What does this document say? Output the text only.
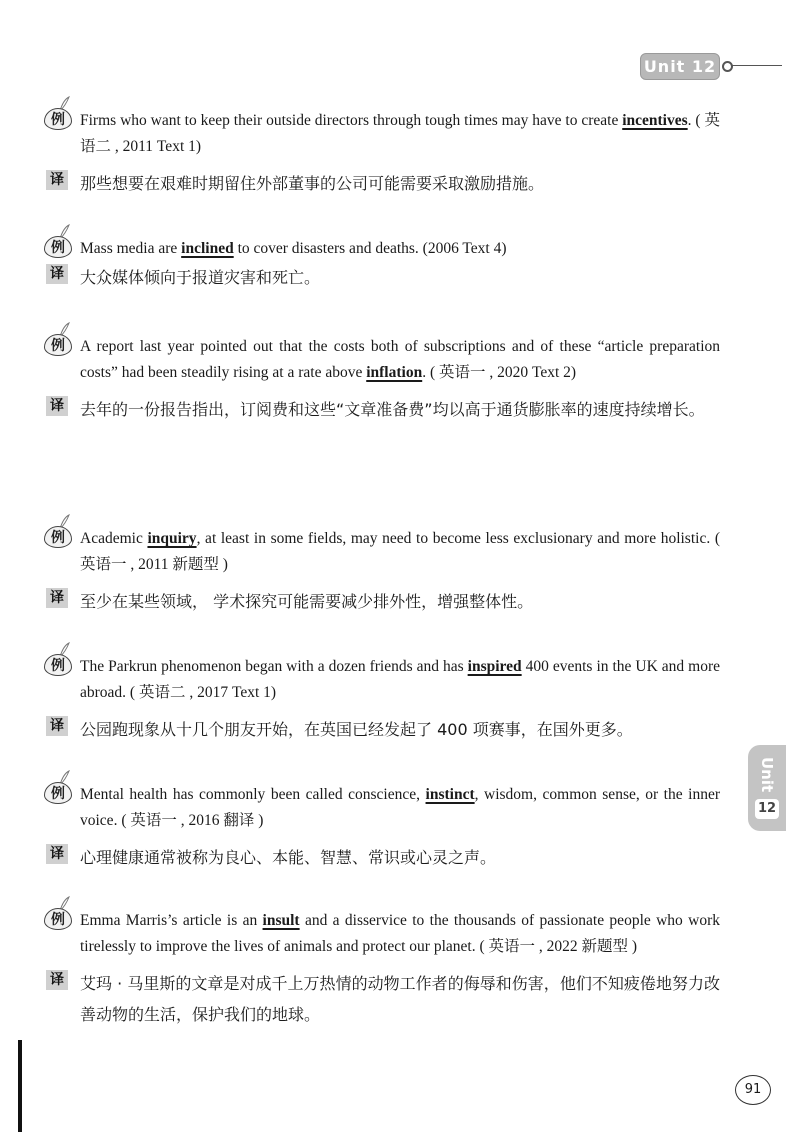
Unit 12
例 Firms who want to keep their outside directors through tough times may have to create incentives. ( 英语二 , 2011 Text 1)
译 那些想要在艰难时期留住外部董事的公司可能需要采取激励措施。
例 Mass media are inclined to cover disasters and deaths. (2006 Text 4)
译 大众媒体倾向于报道灾害和死亡。
例 A report last year pointed out that the costs both of subscriptions and of these “article preparation costs” had been steadily rising at a rate above inflation. ( 英语一 , 2020 Text 2)
译 去年的一份报告指出，订阅费和这些“文章准备费”均以高于通货膨胀率的速度持续增长。
例 Academic inquiry, at least in some fields, may need to become less exclusionary and more holistic. ( 英语一 , 2011 新题型 )
译 至少在某些领域， 学术探究可能需要减少排外性，增强整体性。
例 The Parkrun phenomenon began with a dozen friends and has inspired 400 events in the UK and more abroad. ( 英语二 , 2017 Text 1)
译 公园跑现象从十几个朋友开始，在英国已经发起了 400 项赛事，在国外更多。
例 Mental health has commonly been called conscience, instinct, wisdom, common sense, or the inner voice. ( 英语一 , 2016 翻译 )
译 心理健康通常被称为良心、本能、智慧、常识或心灵之声。
例 Emma Marris’s article is an insult and a disservice to the thousands of passionate people who work tirelessly to improve the lives of animals and protect our planet. ( 英语一 , 2022 新题型 )
译 艾玛 · 马里斯的文章是对成千上万热情的动物工作者的侮辱和伤害，他们不知疲倦地努力改善动物的生活，保护我们的地球。
Unit
12
91
